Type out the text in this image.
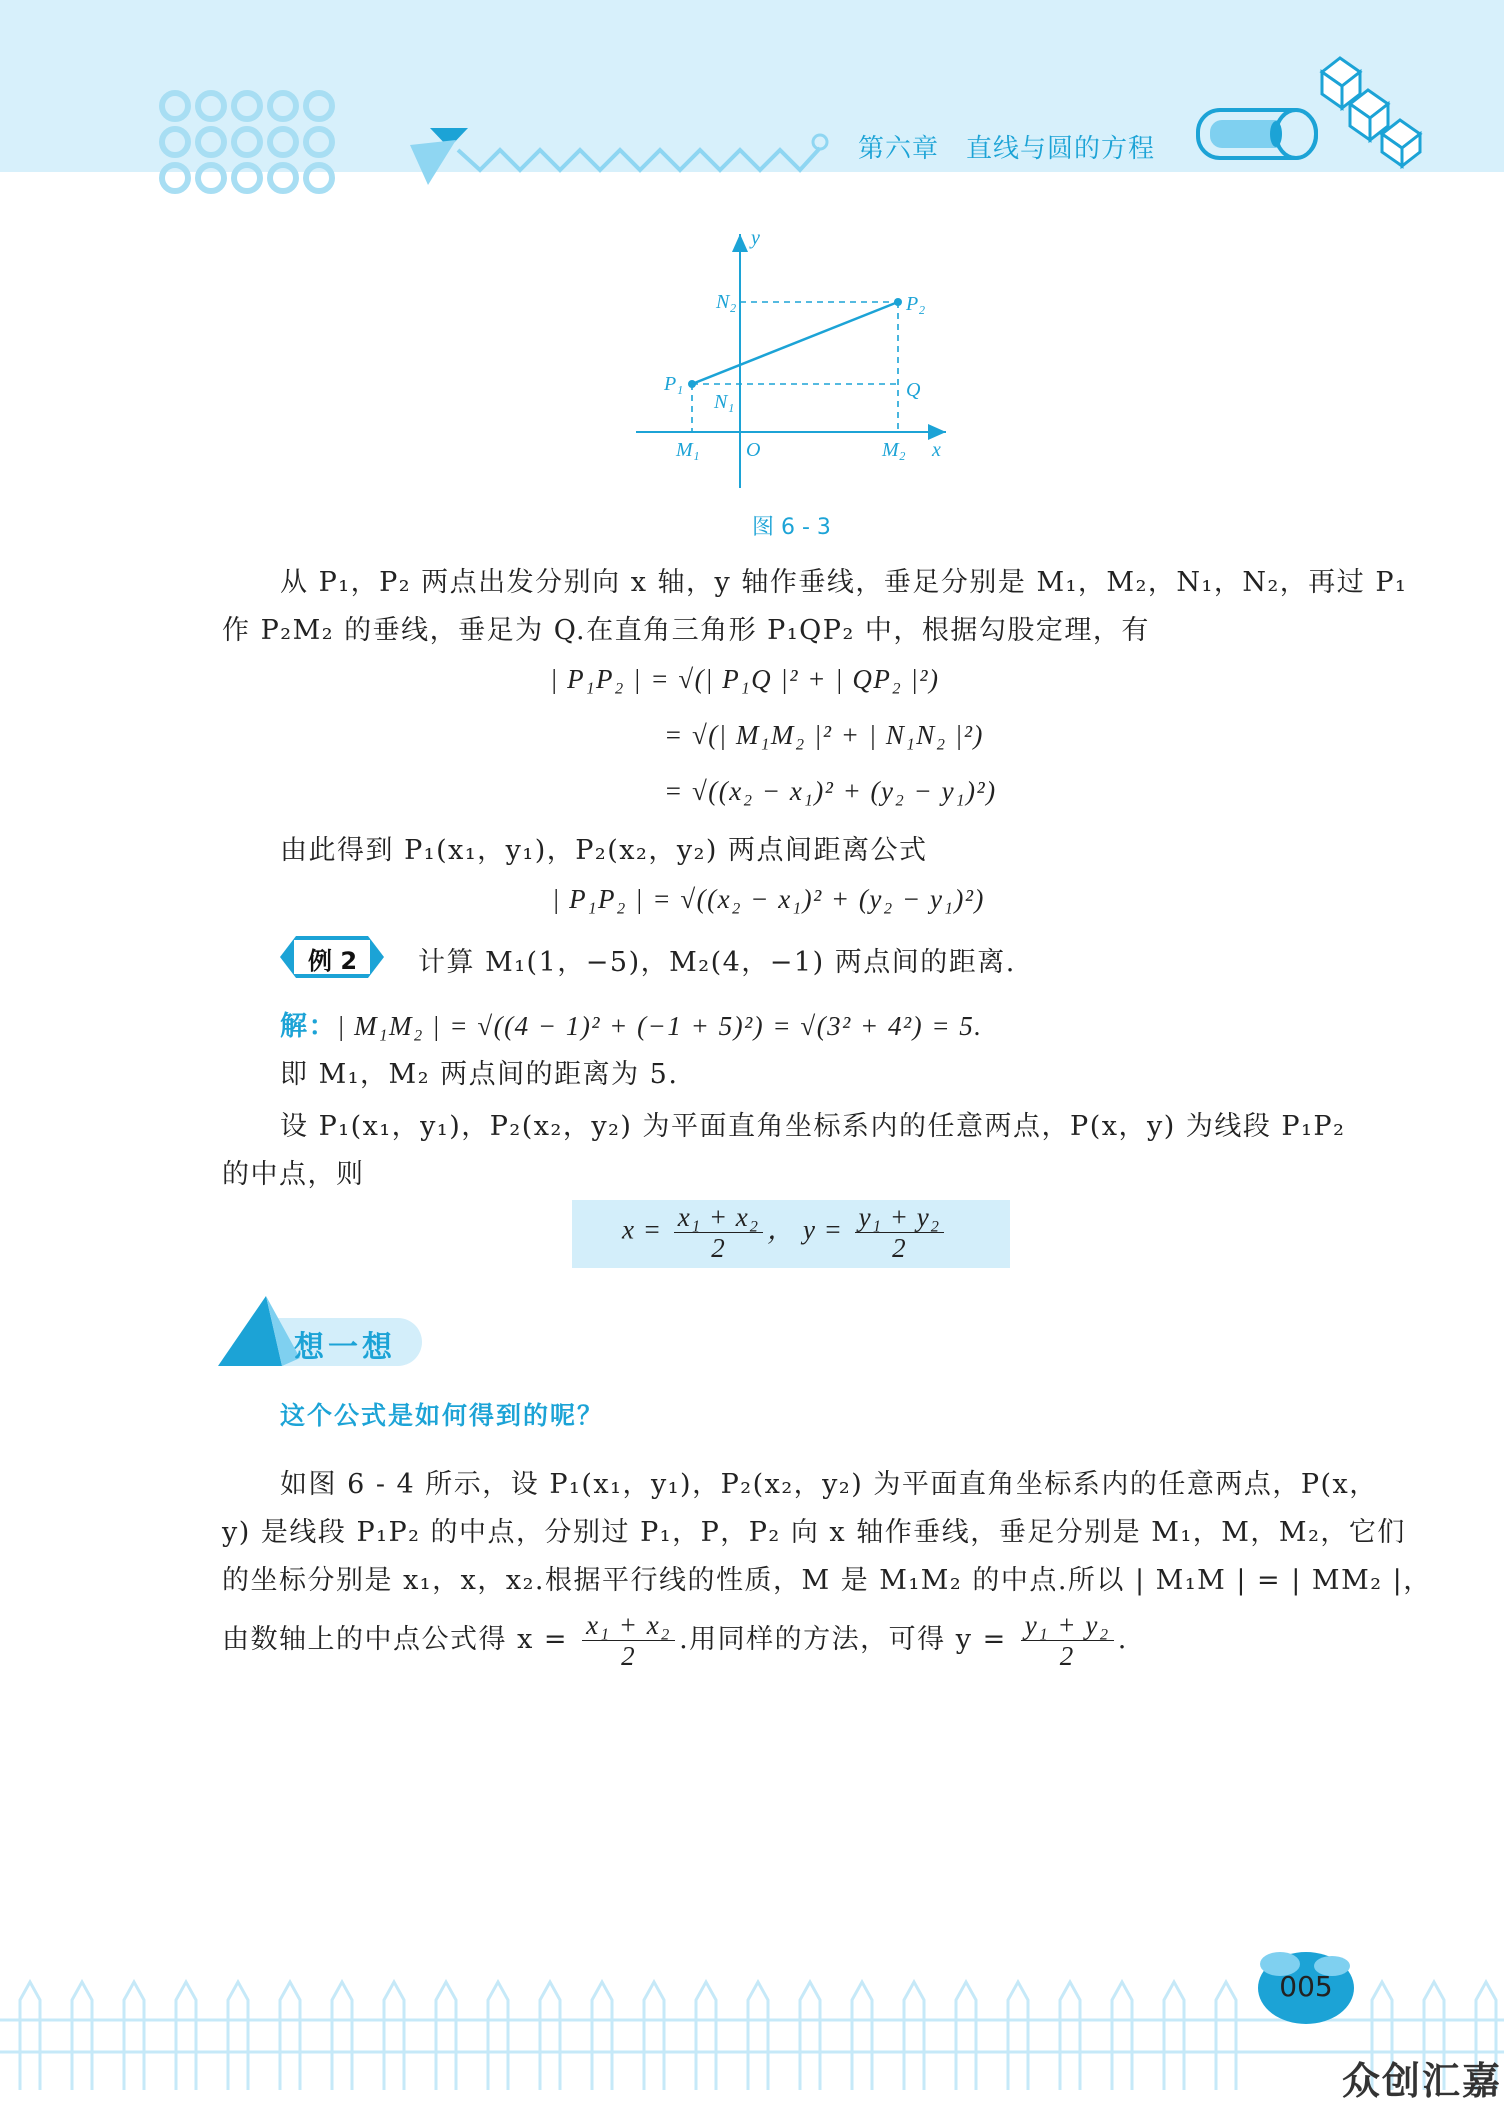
第六章　直线与圆的方程
y
x
O
P₁
P₂
N₂
N₁
M₁	M₂
Q
图 6 - 3
从 P₁，P₂ 两点出发分别向 x 轴，y 轴作垂线，垂足分别是 M₁，M₂，N₁，N₂，再过 P₁
作 P₂M₂ 的垂线，垂足为 Q.在直角三角形 P₁QP₂ 中，根据勾股定理，有
| P₁P₂ | = √(| P₁Q |² + | QP₂ |²)
= √(| M₁M₂ |² + | N₁N₂ |²)
= √((x₂ − x₁)² + (y₂ − y₁)²)
由此得到 P₁(x₁，y₁)，P₂(x₂，y₂) 两点间距离公式
| P₁P₂ | = √((x₂ − x₁)² + (y₂ − y₁)²)
例 2 计算 M₁(1，−5)，M₂(4，−1) 两点间的距离.
解：| M₁M₂ | = √((4 − 1)² + (−1 + 5)²) = √(3² + 4²) = 5.
即 M₁，M₂ 两点间的距离为 5.
设 P₁(x₁，y₁)，P₂(x₂，y₂) 为平面直角坐标系内的任意两点，P(x，y) 为线段 P₁P₂
的中点，则
$x = \frac{\text{x₁ + x₂}}{2}$ ， $y = \frac{\text{y₁ + y₂}}{2}$
想一想
这个公式是如何得到的呢？
如图 6 - 4 所示，设 P₁(x₁，y₁)，P₂(x₂，y₂) 为平面直角坐标系内的任意两点，P(x，
y) 是线段 P₁P₂ 的中点，分别过 P₁，P，P₂ 向 x 轴作垂线，垂足分别是 M₁，M，M₂，它们
的坐标分别是 x₁，x，x₂.根据平行线的性质，M 是 M₁M₂ 的中点.所以 | M₁M | = | MM₂ |，
由数轴上的中点公式得 $x = \frac{\text{x₁ + x₂}}{2}$ .用同样的方法，可得 $y = \frac{\text{y₁ + y₂}}{2}$ .
005
众创汇嘉
